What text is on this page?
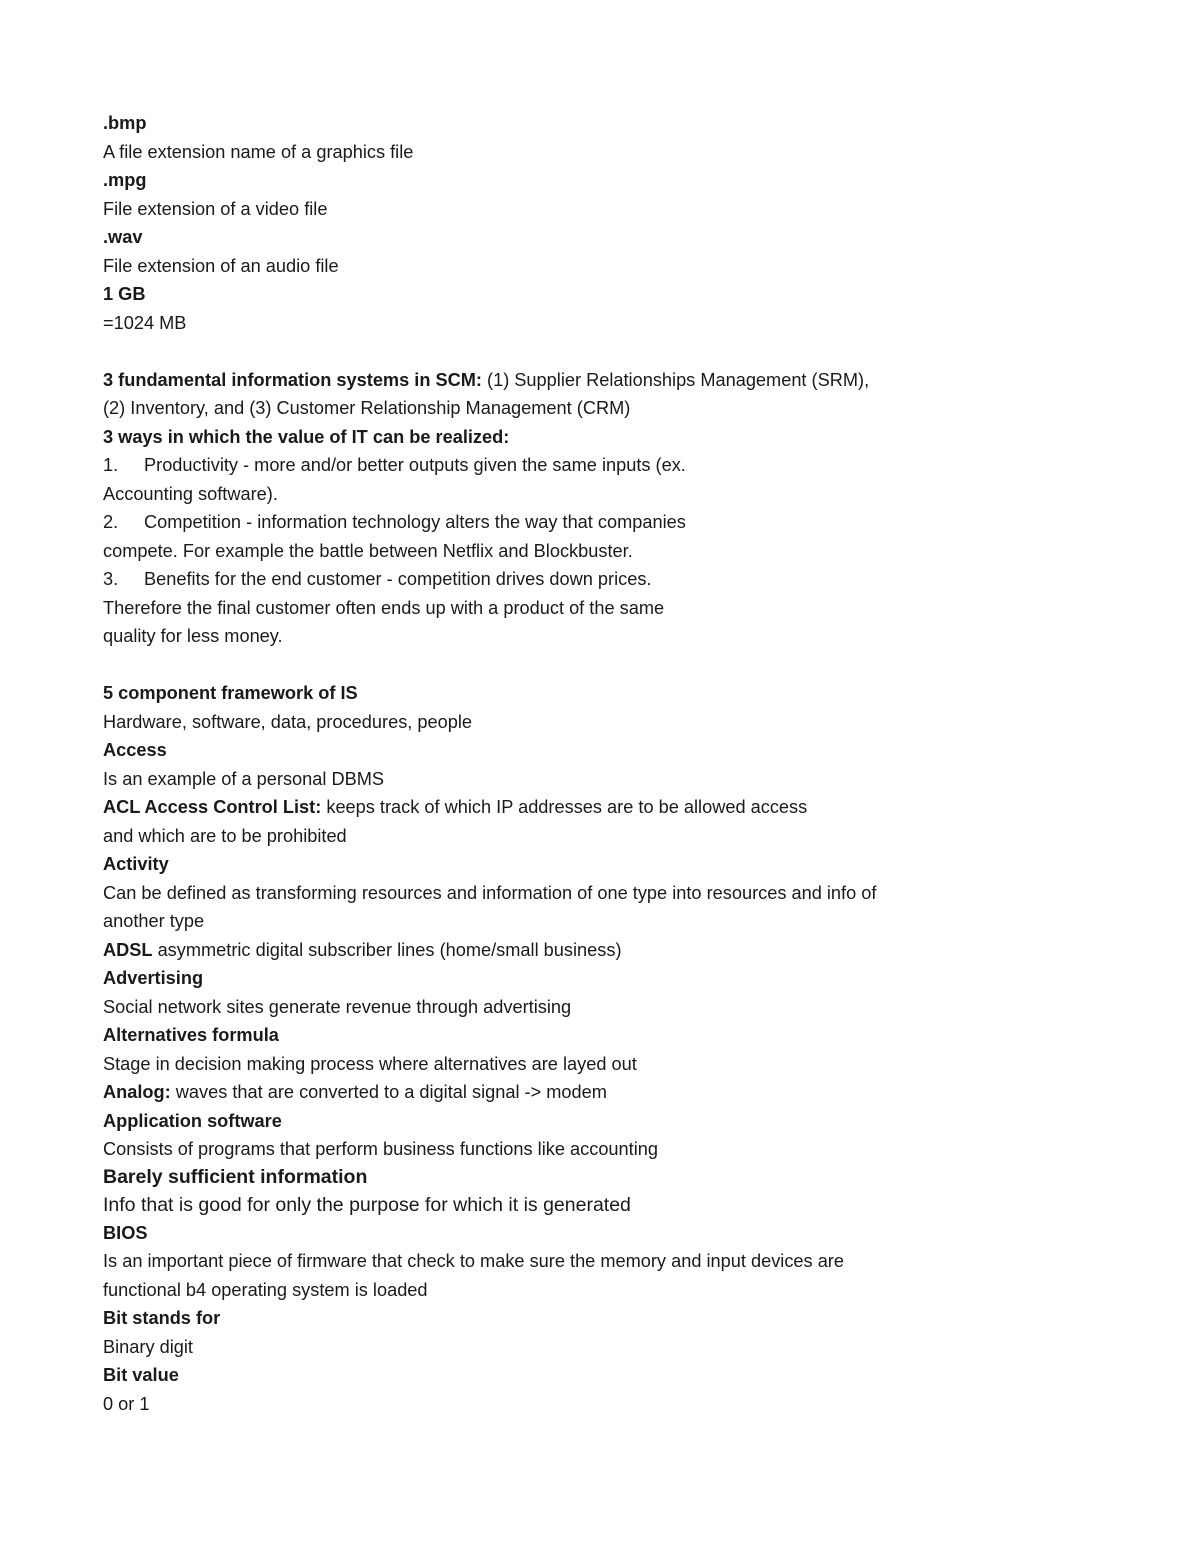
.bmp
A file extension name of a graphics file
.mpg
File extension of a video file
.wav
File extension of an audio file
1 GB
=1024 MB
3 fundamental information systems in SCM: (1) Supplier Relationships Management (SRM),
(2) Inventory, and (3) Customer Relationship Management (CRM)
3 ways in which the value of IT can be realized:
1.	Productivity - more and/or better outputs given the same inputs (ex.
Accounting software).
2.	Competition - information technology alters the way that companies
compete. For example the battle between Netflix and Blockbuster.
3.	Benefits for the end customer - competition drives down prices.
Therefore the final customer often ends up with a product of the same
quality for less money.
5 component framework of IS
Hardware, software, data, procedures, people
Access
Is an example of a personal DBMS
ACL Access Control List: keeps track of which IP addresses are to be allowed access
and which are to be prohibited
Activity
Can be defined as transforming resources and information of one type into resources and info of
another type
ADSL asymmetric digital subscriber lines (home/small business)
Advertising
Social network sites generate revenue through advertising
Alternatives formula
Stage in decision making process where alternatives are layed out
Analog: waves that are converted to a digital signal -> modem
Application software
Consists of programs that perform business functions like accounting
Barely sufficient information
Info that is good for only the purpose for which it is generated
BIOS
Is an important piece of firmware that check to make sure the memory and input devices are
functional b4 operating system is loaded
Bit stands for
Binary digit
Bit value
0 or 1
